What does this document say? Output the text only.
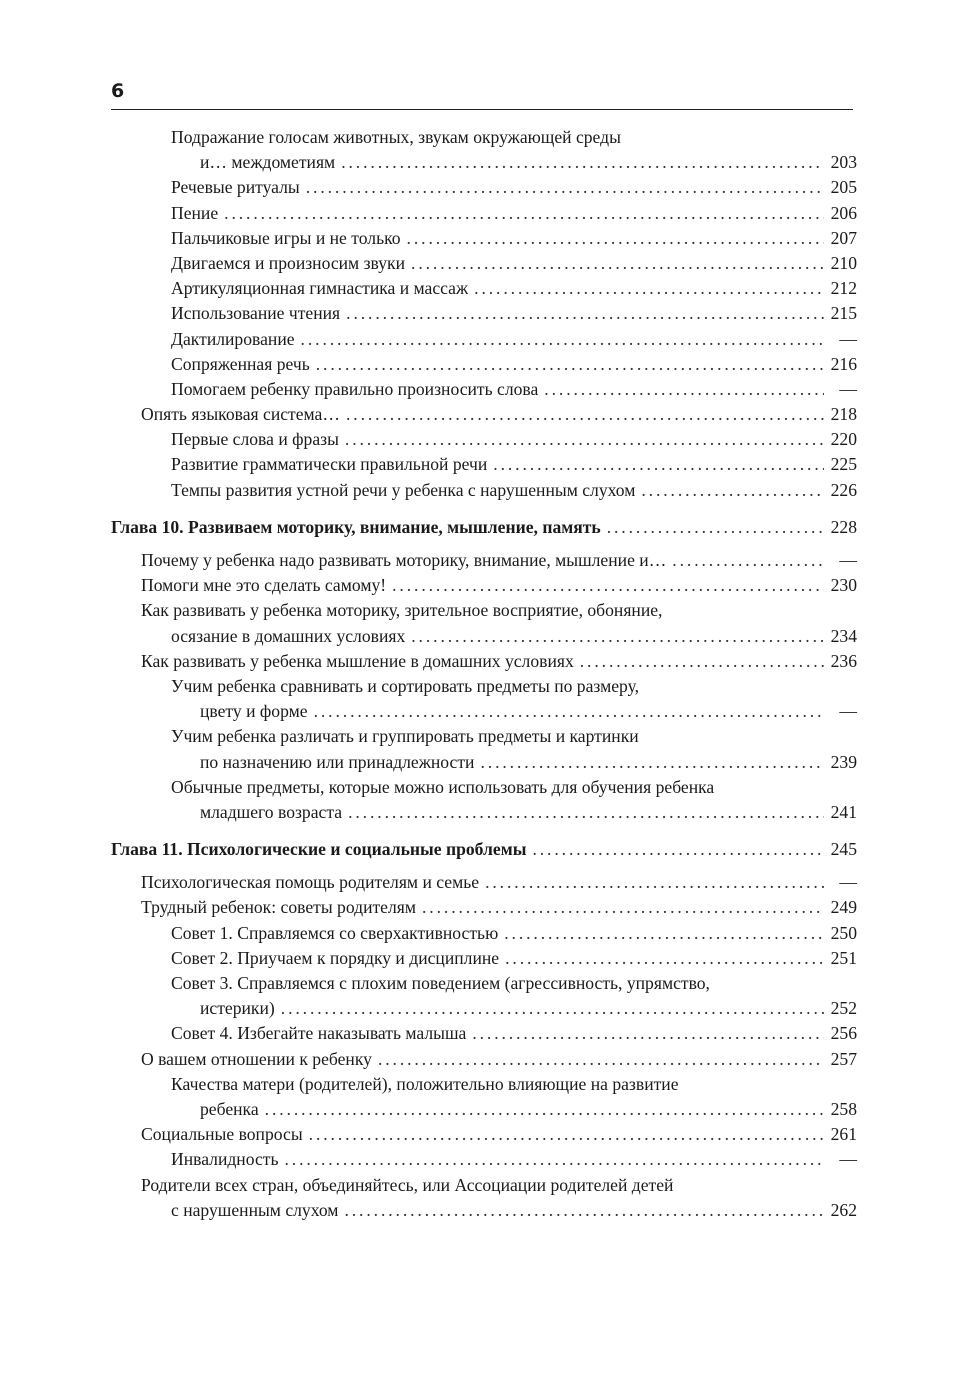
6
Подражание голосам животных, звукам окружающей среды
и… междометиям . . .	203
Речевые ритуалы . . .	205
Пение . . .	206
Пальчиковые игры и не только . . .	207
Двигаемся и произносим звуки . . .	210
Артикуляционная гимнастика и массаж . . .	212
Использование чтения . . .	215
Дактилирование . . .	—
Сопряженная речь . . .	216
Помогаем ребенку правильно произносить слова . . .	—
Опять языковая система… . . .	218
Первые слова и фразы . . .	220
Развитие грамматически правильной речи . . .	225
Темпы развития устной речи у ребенка с нарушенным слухом . . .	226
Глава 10. Развиваем моторику, внимание, мышление, память . . .	228
Почему у ребенка надо развивать моторику, внимание, мышление и… . . .	—
Помоги мне это сделать самому! . . .	230
Как развивать у ребенка моторику, зрительное восприятие, обоняние,
осязание в домашних условиях . . .	234
Как развивать у ребенка мышление в домашних условиях . . .	236
Учим ребенка сравнивать и сортировать предметы по размеру,
цвету и форме . . .	—
Учим ребенка различать и группировать предметы и картинки
по назначению или принадлежности . . .	239
Обычные предметы, которые можно использовать для обучения ребенка
младшего возраста . . .	241
Глава 11. Психологические и социальные проблемы . . .	245
Психологическая помощь родителям и семье . . .	—
Трудный ребенок: советы родителям . . .	249
Совет 1. Справляемся со сверхактивностью . . .	250
Совет 2. Приучаем к порядку и дисциплине . . .	251
Совет 3. Справляемся с плохим поведением (агрессивность, упрямство,
истерики) . . .	252
Совет 4. Избегайте наказывать малыша . . .	256
О вашем отношении к ребенку . . .	257
Качества матери (родителей), положительно влияющие на развитие
ребенка . . .	258
Социальные вопросы . . .	261
Инвалидность . . .	—
Родители всех стран, объединяйтесь, или Ассоциации родителей детей
с нарушенным слухом . . .	262
